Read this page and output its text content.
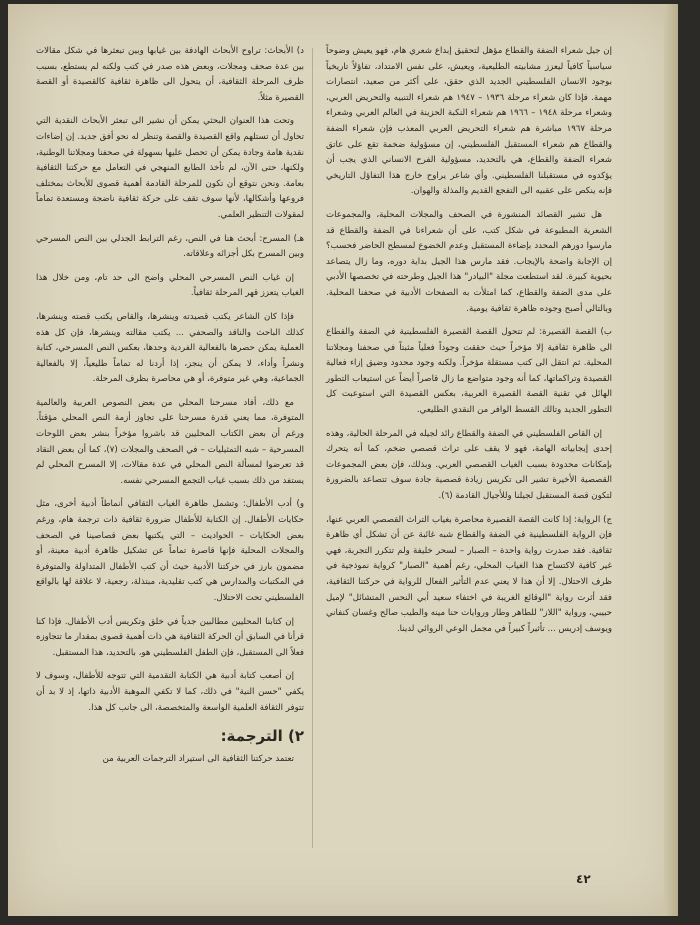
إن جيل شعراء الضفة والقطاع مؤهل لتحقيق إبداع شعري هام، فهو يعيش وضوحاً سياسياً كافياً ليعزز مشابيته الطليعية، ويعيش، على نفس الامتداد، تفاؤلاً تاريخياً بوجود الانسان الفلسطيني الجديد الذي حقق، على أكثر من صعيد، انتصارات مهمة. فإذا كان شعراء مرحلة ١٩٣٦ – ١٩٤٧ هم شعراء التنبيه والتحريض العربي، وشعراء مرحلة ١٩٤٨ – ١٩٦٦ هم شعراء النكبة الحزينة في العالم العربي وشعراء مرحلة ١٩٦٧ مباشرة هم شعراء التحريض العربي المعذب فإن شعراء الضفة والقطاع هم شعراء المستقبل الفلسطيني، إن مسؤولية ضخمة تقع على عاتق شعراء الضفة والقطاع، هي بالتحديد، مسؤولية الفرح الانساني الذي يجب أن يؤكدوه في مستقبلنا الفلسطيني. وأي شاعر يراوح خارج هذا التفاؤل التاريخي فإنه ينكص على عقبيه الى التفجع القديم والمذلة والهوان.

هل تشير القصائد المنشورة في الصحف والمجلات المحلية، والمجموعات الشعرية المطبوعة في شكل كتب، على أن شعراءنا في الضفة والقطاع قد مارسوا دورهم المحدد بإضاءة المستقبل وعدم الخضوع لمسطح الحاضر فحسب؟ إن الإجابة واضحة بالإيجاب. فقد مارس هذا الجيل بداية دوره، وما زال يتصاعد بحيوية كبيرة. لقد استطعت مجلة "البيادر" هذا الجيل وطرحته في تخصصها الأدبي على مدى الضفة والقطاع، كما امتلأت به الصفحات الأدبية في صحفنا المحلية. وبالتالي أصبح وجوده ظاهرة ثقافية يومية.

ب) القصة القصيرة: لم تتحول القصة القصيرة الفلسطينية في الضفة والقطاع الى ظاهرة ثقافية إلا مؤخراً حيث حققت وجوداً فعلياً مثبتاً في صحفنا ومجلاتنا المحلية. ثم انتقل الى كتب مستقلة مؤخراً. ولكنه وجود محدود وضيق إزاء فعالية القصيدة وتراكماتها، كما أنه وجود متواضع ما زال قاصراً أيضاً عن استيعاب التطور الهائل في تقنية القصة القصيرة العربية، بعكس القصيدة التي استوعبت كل التطور الجديد وتالك القسط الوافر من النقدي الطليعي.

إن القاص الفلسطيني في الضفة والقطاع رائد لجيله في المرحلة الحالية، وهذه إحدى إيجابياته الهامة، فهو لا يقف على تراث قصصي ضخم، كما أنه يتحرك بإمكانات محدودة بسبب الغياب القصصي العربي. وبذلك، فإن بعض المجموعات القصصية الأخيرة تشير الى تكريس زيادة قصصية جادة سوف تتصاعد بالضرورة لتكون قصة المستقبل لجيلنا وللأجيال القادمة (٦).

ج) الرواية: إذا كانت القصة القصيرة محاصرة بغياب التراث القصصي العربي عنها، فإن الرواية الفلسطينية في الضفة والقطاع شبه غائبة عن أن تشكل أي ظاهرة ثقافية. فقد صدرت رواية واحدة – الصبار – لسحر خليفة ولم تتكرر التجربة، فهي غير كافية لاكتساح هذا الغياب المحلي، رغم أهمية "الصبار" كرواية نموذجية في ظرف الاحتلال. إلا أن هذا لا يعني عدم التأثير الفعال للرواية في حركتنا الثقافية، فقد أثرت رواية "الوقائع الغريبة في اختفاء سعيد أبي النحس المتشائل" لإميل حبيبي، ورواية "اللاز" للطاهر وطار وروايات حنا مينه والطيب صالح وغسان كنفاني ويوسف إدريس ... تأثيراً كبيراً في مجمل الوعي الروائي لدينا.

د) الأبحاث: تراوح الأبحاث الهادفة بين غيابها وبين تبعثرها في شكل مقالات بين عدة صحف ومجلات، وبعض هذه صدر في كتب ولكنه لم يستطع، بسبب ظرف المرحلة الثقافية، أن يتحول الى ظاهرة ثقافية كالقصيدة أو القصة القصيرة مثلاً.

وتحت هذا العنوان البحثي يمكن أن نشير الى تبعثر الأبحاث النقدية التي تحاول أن تستلهم واقع القصيدة والقصة وتنظر له نحو أفق جديد. إن إضاءات نقدية هامة وجادة يمكن أن تحصل عليها بسهولة في صحفنا ومجلاتنا الوطنية، ولكنها، حتى الآن، لم تأخذ الطابع المنهجي في التعامل مع حركتنا الثقافية بعامة. ونحن نتوقع أن تكون للمرحلة القادمة أهمية قصوى للأبحاث بمختلف فروعها وأشكالها، لأنها سوف تقف على حركة ثقافية ناضجة ومستعدة تماماً لمقولات التنظير العلمي.

هـ) المسرح: أبحث هنا في النص، رغم الترابط الجدلي بين النص المسرحي وبين المسرح بكل أجزائه وعلاقاته.

إن غياب النص المسرحي المحلي واضح الى حد تام، ومن خلال هذا الغياب يتعزز قهر المرحلة ثقافياً.

فإذا كان الشاعر يكتب قصيدته وينشرها، والقاص يكتب قصته وينشرها، كذلك الباحث والناقد والصحفي ... يكتب مقالته وينشرها، فإن كل هذه العملية يمكن حصرها بالفعالية الفردية وحدها، بعكس النص المسرحي، كتابة ونشراً وأداء، لا يمكن أن ينجز، إذا أردنا له تماماً طليعياً، إلا بالفعالية الجماعية، وهي غير متوفرة، أو هي محاصرة بظرف المرحلة.

مع ذلك، أفاد مسرحنا المحلي من بعض النصوص العربية والعالمية المتوفرة، مما يعني قدرة مسرحنا على تجاوز أزمة النص المحلي مؤقتاً. ورغم أن بعض الكتاب المحليين قد باشروا مؤخراً بنشر بعض اللوحات المسرحية – شبه التمثيليات – في الصحف والمجلات (٧)، كما أن بعض النقاد قد تعرضوا لمسألة النص المحلي في عدة مقالات، إلا المسرح المحلي لم يستفد من ذلك بسبب غياب التجمع المسرحي نفسه.

و) أدب الأطفال: وتشمل ظاهرة الغياب الثقافي أنماطاً أدبية أخرى، مثل حكايات الأطفال. إن الكتابة للأطفال ضرورة ثقافية ذات ترجمة هام، ورغم بعض الحكايات – الحواديت – التي يكتبها بعض قصاصينا في الصحف والمجلات المحلية فإنها قاصرة تماماً عن تشكيل ظاهرة أدبية معينة، أو مضمون بارز في حركتنا الأدبية حيث أن كتب الأطفال المتداولة والمتوفرة في المكتبات والمدارس هي كتب تقليدية، مبتذلة، رجعية، لا علاقة لها بالواقع الفلسطيني تحت الاحتلال.

إن كتابنا المحليين مطالبين جدياً في خلق وتكريس أدب الأطفال. فإذا كنا قرأنا في السابق أن الحركة الثقافية هي ذات أهمية قصوى بمقدار ما تتجاوزه فعلاً الى المستقبل، فإن الطفل الفلسطيني هو، بالتحديد، هذا المستقبل.

إن أصعب كتابة أدبية هي الكتابة التقدمية التي تتوجه للأطفال، وسوف لا يكفي "حسن النية" في ذلك، كما لا تكفي الموهبة الأدبية ذاتها، إذ لا بد أن تتوفر الثقافة العلمية الواسعة والمتخصصة، الى جانب كل هذا.

٢) الترجمة:

تعتمد حركتنا الثقافية الى استيراد الترجمات العربية من

٤٢
